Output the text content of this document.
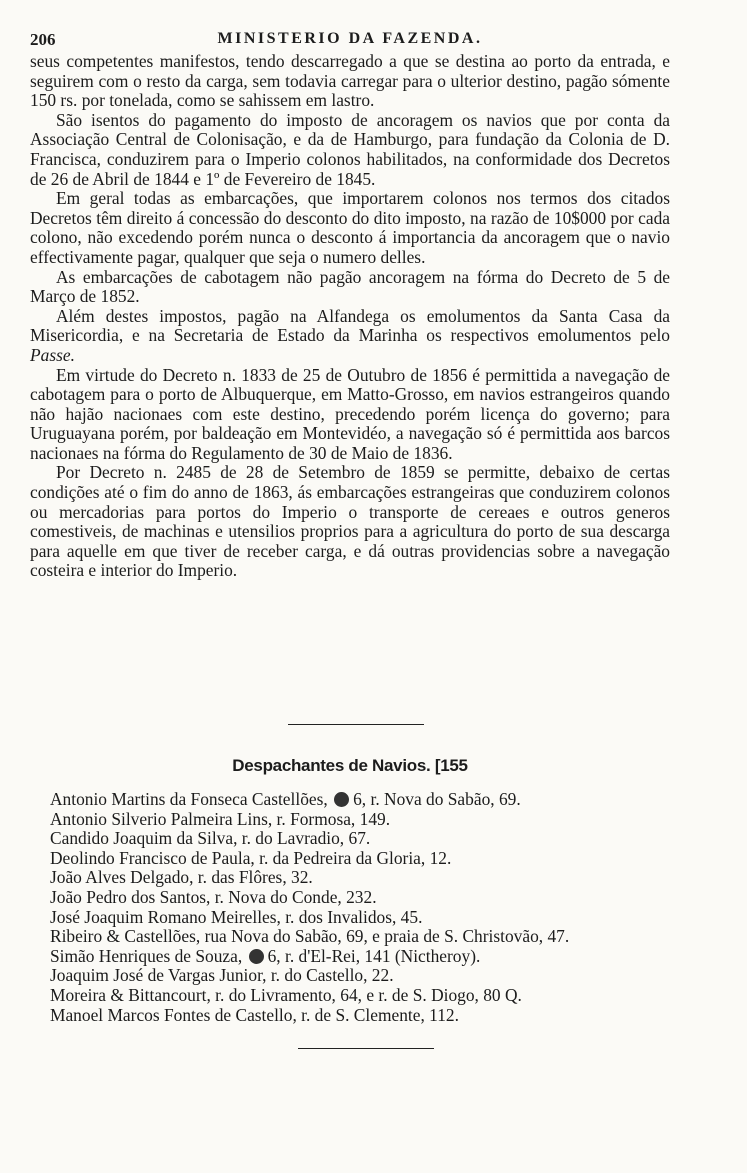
206	MINISTERIO DA FAZENDA.

seus competentes manifestos, tendo descarregado a que se destina ao porto da entrada, e seguirem com o resto da carga, sem todavia carregar para o ulterior destino, pagão sómente 150 rs. por tonelada, como se sahissem em lastro.

São isentos do pagamento do imposto de ancoragem os navios que por conta da Associação Central de Colonisação, e da de Hamburgo, para fundação da Colonia de D. Francisca, conduzirem para o Imperio colonos habilitados, na conformidade dos Decretos de 26 de Abril de 1844 e 1º de Fevereiro de 1845.

Em geral todas as embarcações, que importarem colonos nos termos dos citados Decretos têm direito á concessão do desconto do dito imposto, na razão de 10$000 por cada colono, não excedendo porém nunca o desconto á importancia da ancoragem que o navio effectivamente pagar, qualquer que seja o numero delles.

As embarcações de cabotagem não pagão ancoragem na fórma do Decreto de 5 de Março de 1852.

Além destes impostos, pagão na Alfandega os emolumentos da Santa Casa da Misericordia, e na Secretaria de Estado da Marinha os respectivos emolumentos pelo Passe.

Em virtude do Decreto n. 1833 de 25 de Outubro de 1856 é permittida a navegação de cabotagem para o porto de Albuquerque, em Matto-Grosso, em navios estrangeiros quando não hajão nacionaes com este destino, precedendo porém licença do governo; para Uruguayana porém, por baldeação em Montevidéo, a navegação só é permittida aos barcos nacionaes na fórma do Regulamento de 30 de Maio de 1836.

Por Decreto n. 2485 de 28 de Setembro de 1859 se permitte, debaixo de certas condições até o fim do anno de 1863, ás embarcações estrangeiras que conduzirem colonos ou mercadorias para portos do Imperio o transporte de cereaes e outros generos comestiveis, de machinas e utensilios proprios para a agricultura do porto de sua descarga para aquelle em que tiver de receber carga, e dá outras providencias sobre a navegação costeira e interior do Imperio.

Despachantes de Navios. [155
Antonio Martins da Fonseca Castellões, 6, r. Nova do Sabão, 69.
Antonio Silverio Palmeira Lins, r. Formosa, 149.
Candido Joaquim da Silva, r. do Lavradio, 67.
Deolindo Francisco de Paula, r. da Pedreira da Gloria, 12.
João Alves Delgado, r. das Flôres, 32.
João Pedro dos Santos, r. Nova do Conde, 232.
José Joaquim Romano Meirelles, r. dos Invalidos, 45.
Ribeiro & Castellões, rua Nova do Sabão, 69, e praia de S. Christovão, 47.
Simão Henriques de Souza, 6, r. d'El-Rei, 141 (Nictheroy).
Joaquim José de Vargas Junior, r. do Castello, 22.
Moreira & Bittancourt, r. do Livramento, 64, e r. de S. Diogo, 80 Q.
Manoel Marcos Fontes de Castello, r. de S. Clemente, 112.
